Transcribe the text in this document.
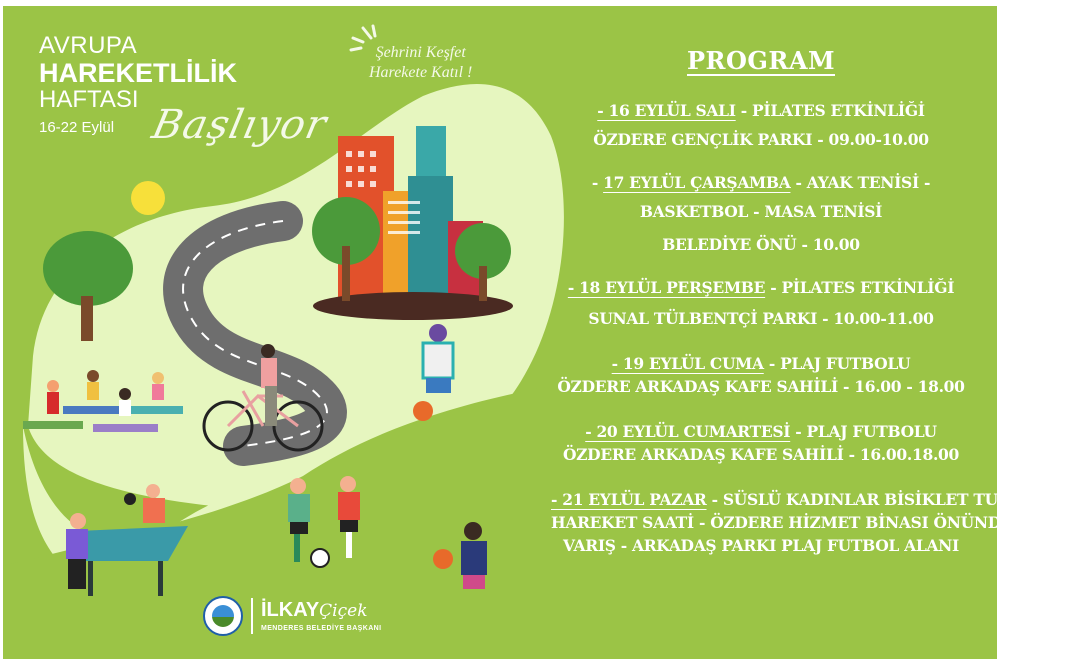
AVRUPA
HAREKETLİLİK
HAFTASI
16-22 Eylül Başlıyor
Şehrini Keşfet
Harekete Katıl !	PROGRAM
- 16 EYLÜL SALI - PİLATES ETKİNLİĞİ
ÖZDERE GENÇLİK PARKI - 09.00-10.00
- 17 EYLÜL ÇARŞAMBA - AYAK TENİSİ -
BASKETBOL - MASA TENİSİ
BELEDİYE ÖNÜ - 10.00
- 18 EYLÜL PERŞEMBE - PİLATES ETKİNLİĞİ
SUNAL TÜLBENTÇİ PARKI - 10.00-11.00
- 19 EYLÜL CUMA - PLAJ FUTBOLU
ÖZDERE ARKADAŞ KAFE SAHİLİ - 16.00 - 18.00
- 20 EYLÜL CUMARTESİ - PLAJ FUTBOLU
ÖZDERE ARKADAŞ KAFE SAHİLİ - 16.00.18.00
- 21 EYLÜL PAZAR - SÜSLÜ KADINLAR BİSİKLET TURU
HAREKET SAATİ - ÖZDERE HİZMET BİNASI ÖNÜNDEN 17.30
VARIŞ - ARKADAŞ PARKI PLAJ FUTBOL ALANI
İLKAYÇiçek
MENDERES BELEDİYE BAŞKANI
